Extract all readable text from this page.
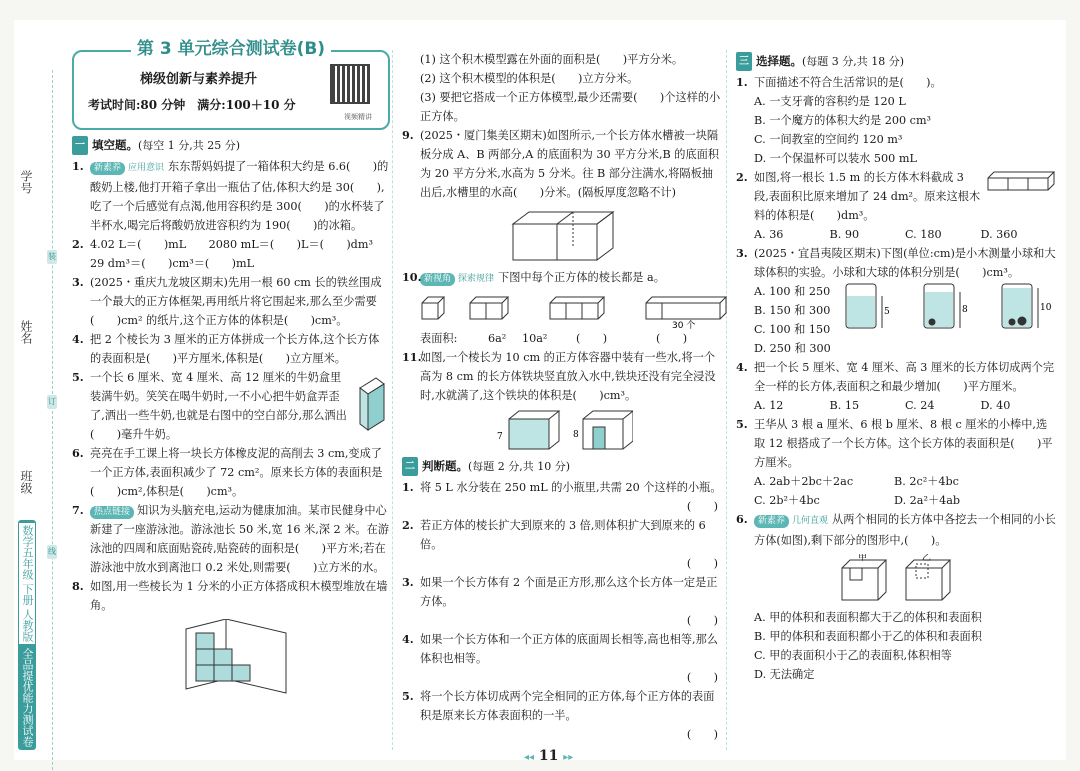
学号
姓名
班级
装
订
线
数学五年级 下册 人教版
全品提优能力测试卷
第 3 单元综合测试卷(B)
梯级创新与素养提升
考试时间:80 分钟　满分:100＋10 分
视频精讲
一 填空题。 (每空 1 分,共 25 分)
1. 新素养 应用意识 东东帮妈妈提了一箱体积大约是 6.6(　　)的酸奶上楼,他打开箱子拿出一瓶估了估,体积大约是 30(　　),吃了一个后感觉有点渴,他用容积约是 300(　　)的水杯装了半杯水,喝完后将酸奶放进容积约为 190(　　)的冰箱。
2. 4.02 L＝(　　)mL　　2080 mL＝(　　)L＝(　　)dm³　29 dm³＝(　　)cm³＝(　　)mL
3. (2025・重庆九龙坡区期末)先用一根 60 cm 长的铁丝围成一个最大的正方体框架,再用纸片将它围起来,那么至少需要(　　)cm² 的纸片,这个正方体的体积是(　　)cm³。
4. 把 2 个棱长为 3 厘米的正方体拼成一个长方体,这个长方体的表面积是(　　)平方厘米,体积是(　　)立方厘米。
5. 一个长 6 厘米、宽 4 厘米、高 12 厘米的牛奶盒里装满牛奶。笑笑在喝牛奶时,一不小心把牛奶盒弄歪了,洒出一些牛奶,也就是右图中的空白部分,那么洒出(　　)毫升牛奶。
6. 亮亮在手工课上将一块长方体橡皮泥的高削去 3 cm,变成了一个正方体,表面积减少了 72 cm²。原来长方体的表面积是(　　)cm²,体积是(　　)cm³。
7. 热点链接 知识为头脑充电,运动为健康加油。某市民健身中心新建了一座游泳池。游泳池长 50 米,宽 16 米,深 2 米。在游泳池的四周和底面贴瓷砖,贴瓷砖的面积是(　　)平方米;若在游泳池中放水到离池口 0.2 米处,则需要(　　)立方米的水。
8. 如图,用一些棱长为 1 分米的小正方体搭成积木模型堆放在墙角。
(1) 这个积木模型露在外面的面积是(　　)平方分米。
(2) 这个积木模型的体积是(　　)立方分米。
(3) 要把它搭成一个正方体模型,最少还需要(　　)个这样的小正方体。
9. (2025・厦门集美区期末)如图所示,一个长方体水槽被一块隔板分成 A、B 两部分,A 的底面积为 30 平方分米,B 的底面积为 20 平方分米,水高为 5 分米。往 B 部分注满水,将隔板抽出后,水槽里的水高(　　)分米。(隔板厚度忽略不计)
10. 新视角 探索规律 下图中每个正方体的棱长都是 a。
30 个
表面积:	6a²	10a²	(　　)	(　　)
11.
如图,一个棱长为 10 cm 的正方体容器中装有一些水,将一个高为 8 cm 的长方体铁块竖直放入水中,铁块还没有完全浸没时,水就满了,这个铁块的体积是(　　)cm³。
7	8
二 判断题。 (每题 2 分,共 10 分)
1. 将 5 L 水分装在 250 mL 的小瓶里,共需 20 个这样的小瓶。
(　　)
2. 若正方体的棱长扩大到原来的 3 倍,则体积扩大到原来的 6 倍。
(　　)
3. 如果一个长方体有 2 个面是正方形,那么这个长方体一定是正方体。
(　　)
4. 如果一个长方体和一个正方体的底面周长相等,高也相等,那么体积也相等。
(　　)
5. 将一个长方体切成两个完全相同的正方体,每个正方体的表面积是原来长方体表面积的一半。
(　　)
三 选择题。 (每题 3 分,共 18 分)
1. 下面描述不符合生活常识的是(　　)。
A. 一支牙膏的容积约是 120 L
B. 一个魔方的体积大约是 200 cm³
C. 一间教室的空间约 120 m³
D. 一个保温杯可以装水 500 mL
2. 如图,将一根长 1.5 m 的长方体木料截成 3 段,表面积比原来增加了 24 dm²。原来这根木料的体积是(　　)dm³。
A. 36	B. 90	C. 180	D. 360
3. (2025・宜昌夷陵区期末)下图(单位:cm)是小木测量小球和大球体积的实验。小球和大球的体积分别是(　　)cm³。
A. 100 和 250
B. 150 和 300
C. 100 和 150
D. 250 和 300
5	8	10
4. 把一个长 5 厘米、宽 4 厘米、高 3 厘米的长方体切成两个完全一样的长方体,表面积之和最少增加(　　)平方厘米。
A. 12	B. 15	C. 24	D. 40
5. 王华从 3 根 a 厘米、6 根 b 厘米、8 根 c 厘米的小棒中,选取 12 根搭成了一个长方体。这个长方体的表面积是(　　)平方厘米。
A. 2ab＋2bc＋2ac	B. 2c²＋4bc
C. 2b²＋4bc	D. 2a²＋4ab
6. 新素养 几何直观 从两个相同的长方体中各挖去一个相同的小长方体(如图),剩下部分的图形中,(　　)。
甲	乙
A. 甲的体积和表面积都大于乙的体积和表面积
B. 甲的体积和表面积都小于乙的体积和表面积
C. 甲的表面积小于乙的表面积,体积相等
D. 无法确定
◂◂ 11 ▸▸
